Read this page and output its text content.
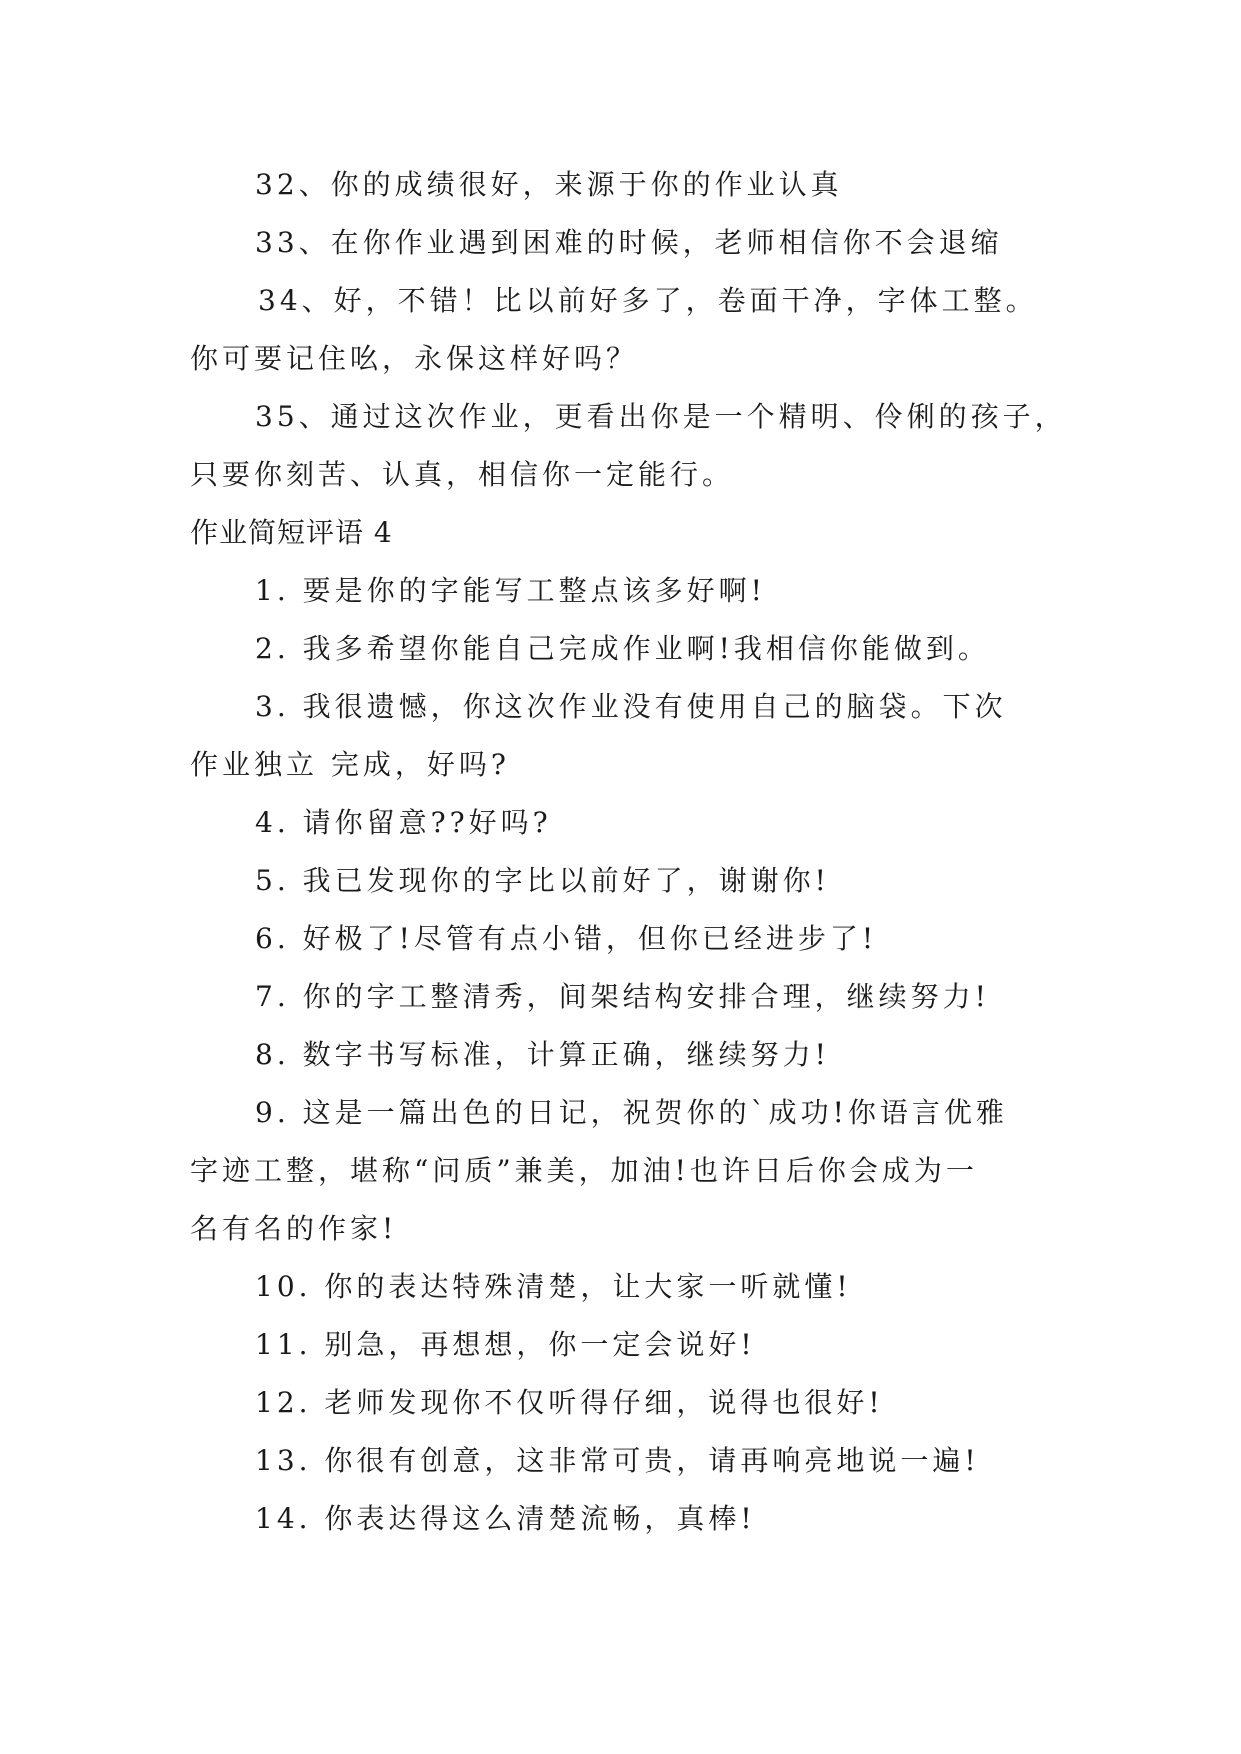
32、你的成绩很好，来源于你的作业认真
33、在你作业遇到困难的时候，老师相信你不会退缩
34、好，不错！比以前好多了，卷面干净，字体工整。
你可要记住吆，永保这样好吗？
35、通过这次作业，更看出你是一个精明、伶俐的孩子，
只要你刻苦、认真，相信你一定能行。
作业简短评语 4
1. 要是你的字能写工整点该多好啊!
2. 我多希望你能自己完成作业啊!我相信你能做到。
3. 我很遗憾，你这次作业没有使用自己的脑袋。下次
作业独立 完成，好吗?
4. 请你留意??好吗?
5. 我已发现你的字比以前好了，谢谢你!
6. 好极了!尽管有点小错，但你已经进步了!
7. 你的字工整清秀，间架结构安排合理，继续努力!
8. 数字书写标准，计算正确，继续努力!
9. 这是一篇出色的日记，祝贺你的`成功!你语言优雅
字迹工整，堪称“问质”兼美，加油!也许日后你会成为一
名有名的作家!
10. 你的表达特殊清楚，让大家一听就懂!
11. 别急，再想想，你一定会说好!
12. 老师发现你不仅听得仔细，说得也很好!
13. 你很有创意，这非常可贵，请再响亮地说一遍!
14. 你表达得这么清楚流畅，真棒!
